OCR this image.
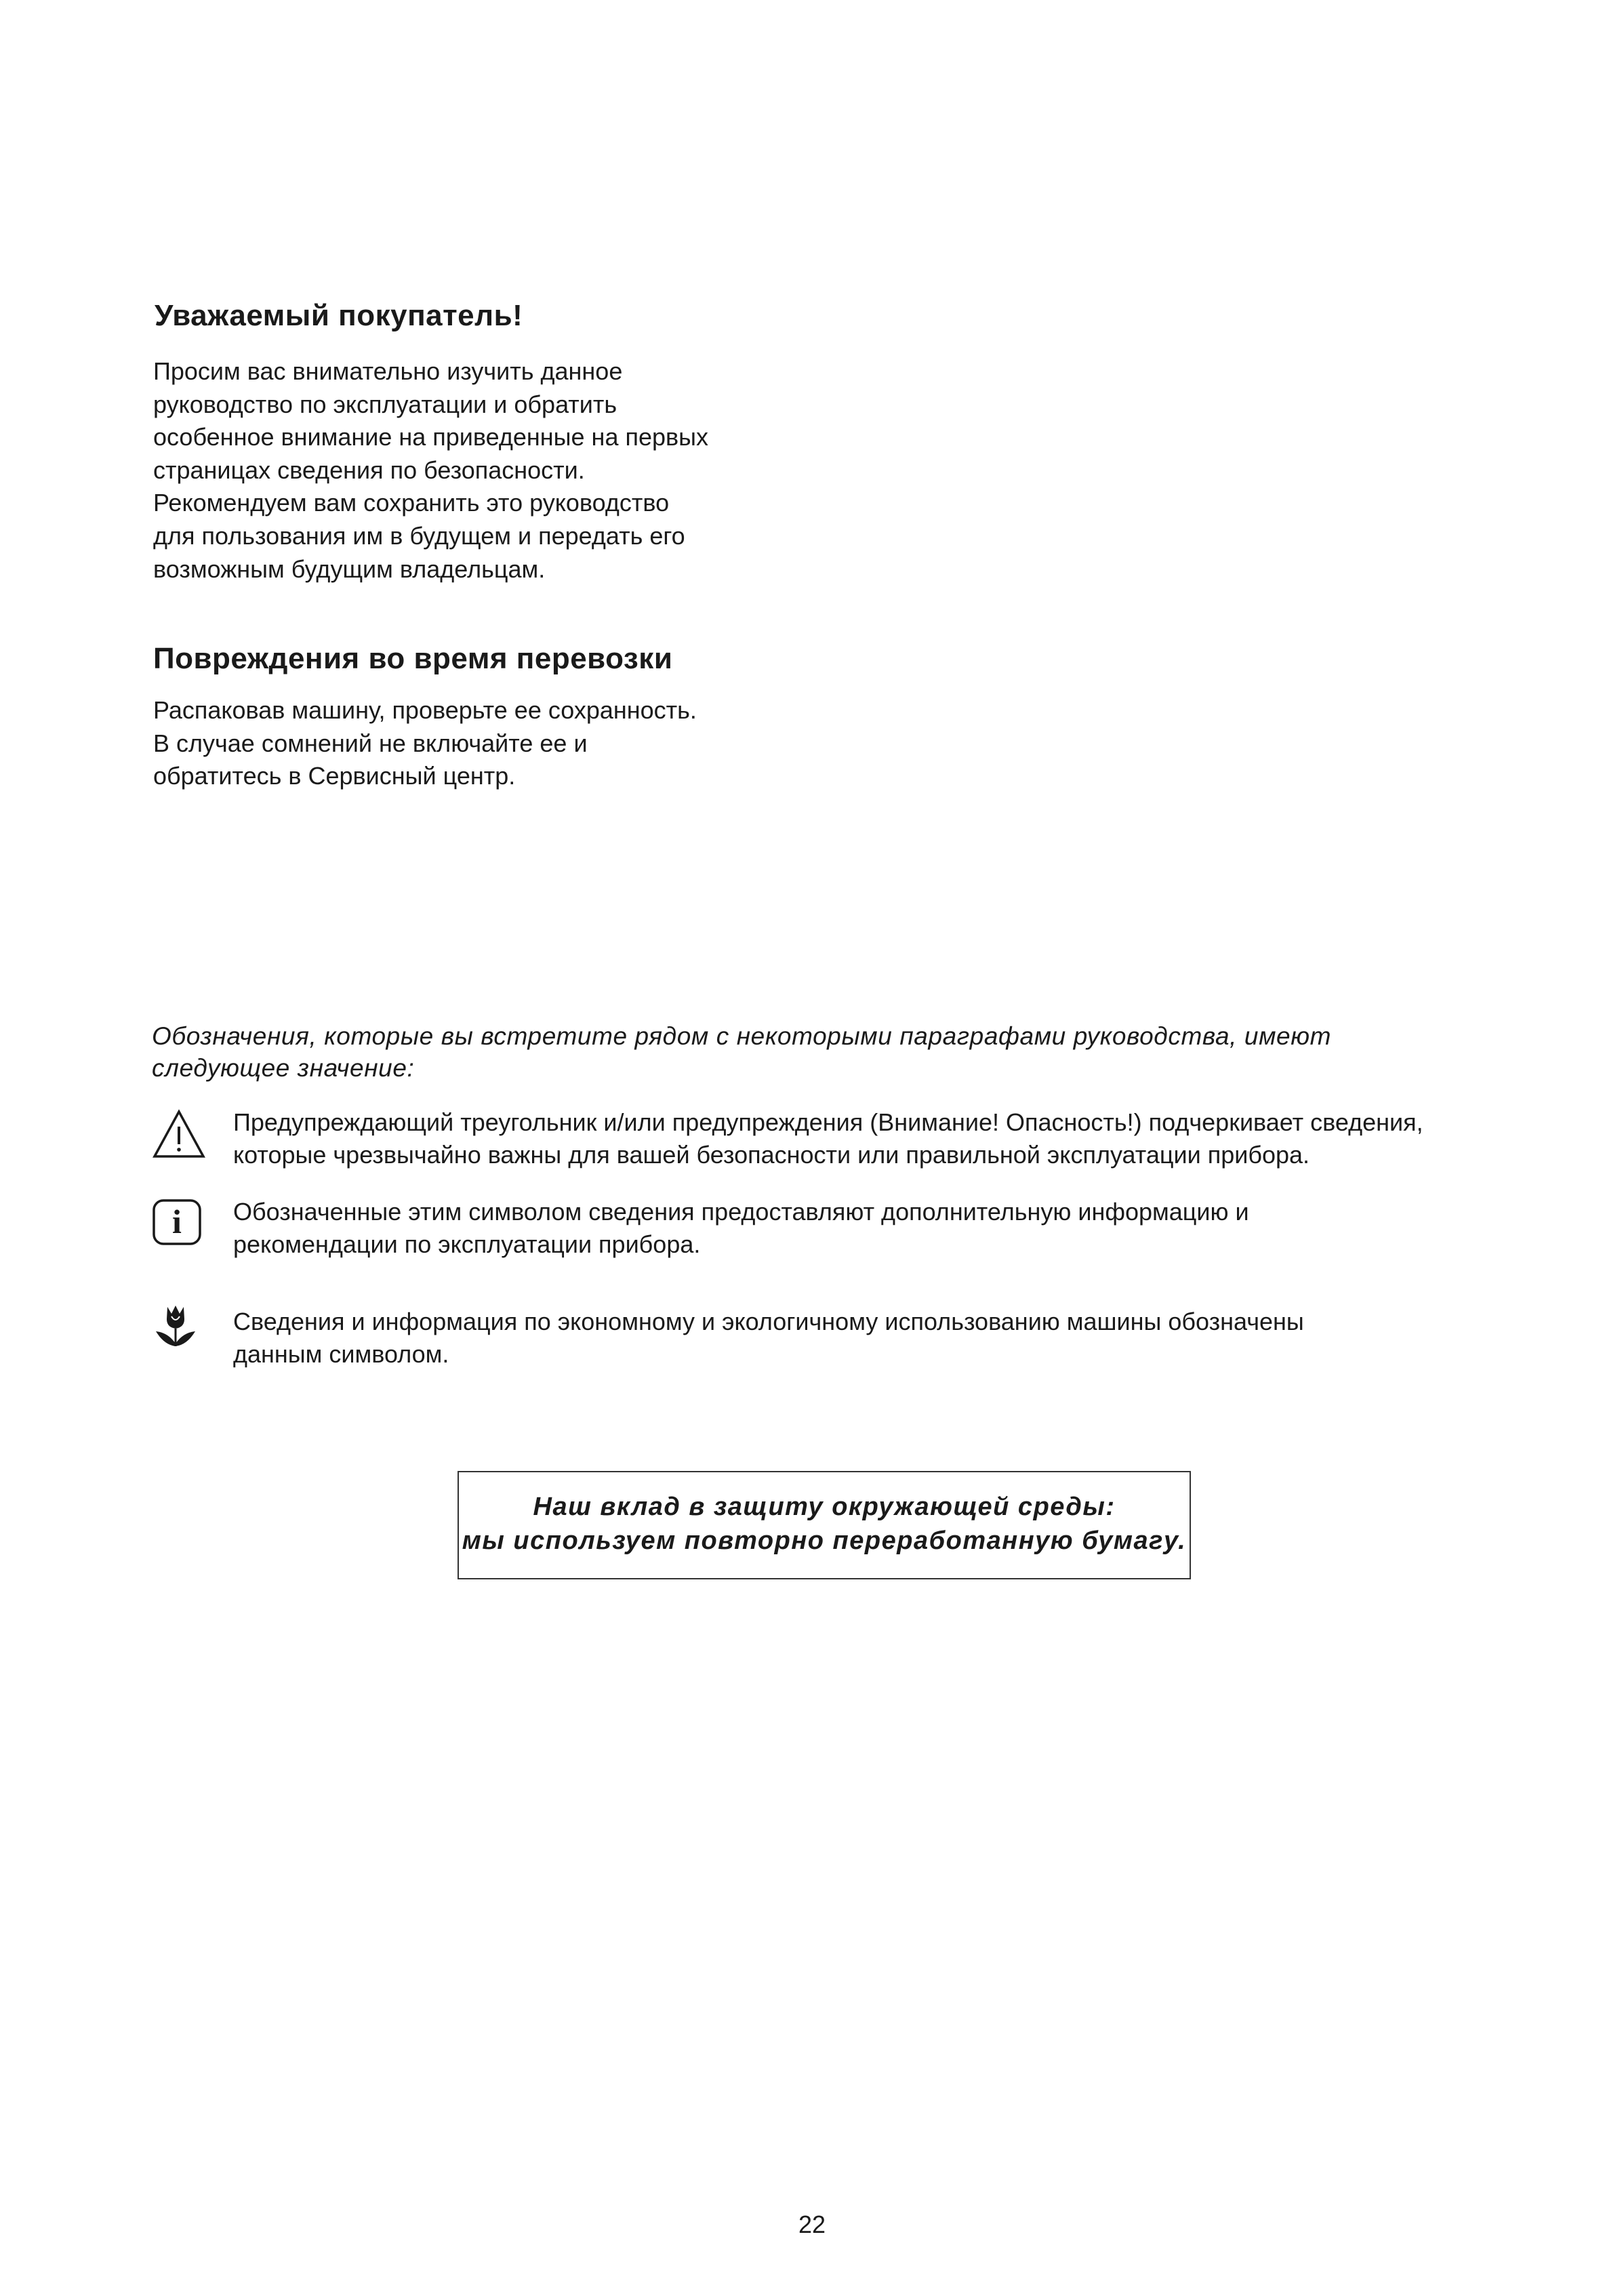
Уважаемый покупатель!

Просим вас внимательно изучить данное
руководство по эксплуатации и обратить
особенное внимание на приведенные на первых
страницах сведения по безопасности.
Рекомендуем вам сохранить это руководство
для пользования им в будущем и передать его
возможным будущим владельцам.

Повреждения во время перевозки

Распаковав машину, проверьте ее сохранность.
В случае сомнений не включайте ее и
обратитесь в Сервисный центр.

Обозначения, которые вы встретите рядом с некоторыми параграфами руководства, имеют
следующее значение:

Предупреждающий треугольник и/или предупреждения (Внимание! Опасность!) подчеркивает сведения,
которые чрезвычайно важны для вашей безопасности или правильной эксплуатации прибора.
i	Обозначенные этим символом сведения предоставляют дополнительную информацию и
рекомендации по эксплуатации прибора.
Сведения и информация по экономному и экологичному использованию машины обозначены
данным символом.
Наш вклад в защиту окружающей среды:
мы используем повторно переработанную бумагу.
22
